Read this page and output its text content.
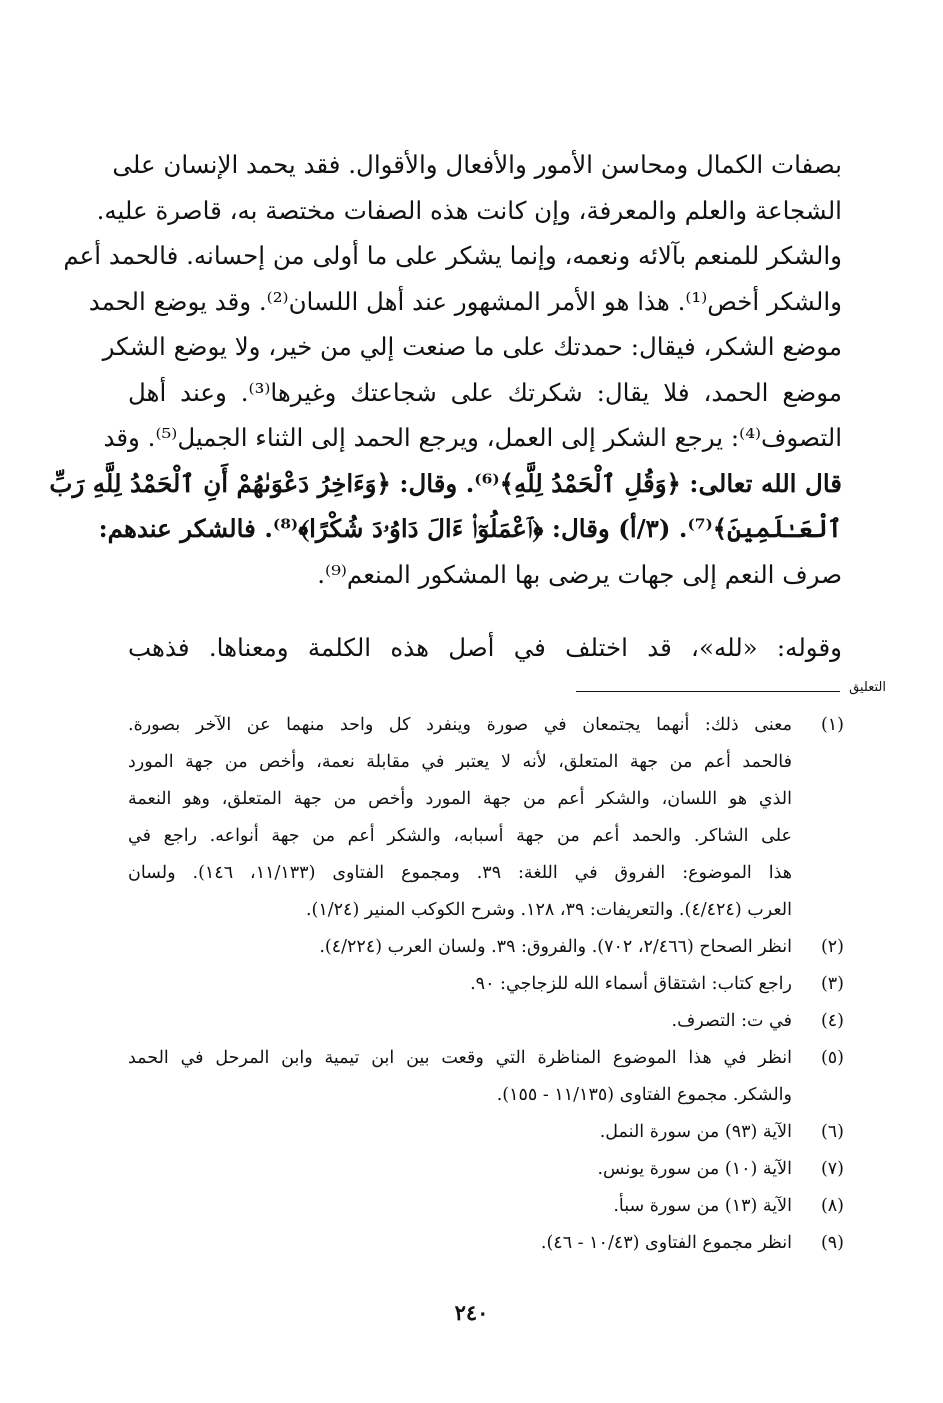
بصفات الكمال ومحاسن الأمور والأفعال والأقوال. فقد يحمد الإنسان على
الشجاعة والعلم والمعرفة، وإن كانت هذه الصفات مختصة به، قاصرة عليه.
والشكر للمنعم بآلائه ونعمه، وإنما يشكر على ما أولى من إحسانه. فالحمد أعم
والشكر أخص⁽¹⁾. هذا هو الأمر المشهور عند أهل اللسان⁽²⁾. وقد يوضع الحمد
موضع الشكر، فيقال: حمدتك على ما صنعت إلي من خير، ولا يوضع الشكر
موضع الحمد، فلا يقال: شكرتك على شجاعتك وغيرها⁽³⁾. وعند أهل
التصوف⁽⁴⁾: يرجع الشكر إلى العمل، ويرجع الحمد إلى الثناء الجميل⁽⁵⁾. وقد
قال الله تعالى: ﴿وَقُلِ ٱلْحَمْدُ لِلَّهِ﴾⁽⁶⁾. وقال: ﴿وَءَاخِرُ دَعْوَىٰهُمْ أَنِ ٱلْحَمْدُ لِلَّهِ رَبِّ
ٱلْعَـٰلَمِينَ﴾⁽⁷⁾. (٣/أ) وقال: ﴿ٱعْمَلُوٓا۟ ءَالَ دَاوُۥدَ شُكْرًا﴾⁽⁸⁾. فالشكر عندهم:
صرف النعم إلى جهات يرضى بها المشكور المنعم⁽⁹⁾.
وقوله: «لله»، قد اختلف في أصل هذه الكلمة ومعناها. فذهب
التعليق
(١)
معنى ذلك: أنهما يجتمعان في صورة وينفرد كل واحد منهما عن الآخر بصورة.
فالحمد أعم من جهة المتعلق، لأنه لا يعتبر في مقابلة نعمة، وأخص من جهة المورد
الذي هو اللسان، والشكر أعم من جهة المورد وأخص من جهة المتعلق، وهو النعمة
على الشاكر. والحمد أعم من جهة أسبابه، والشكر أعم من جهة أنواعه. راجع في
هذا الموضوع: الفروق في اللغة: ٣٩. ومجموع الفتاوى (١١/١٣٣، ١٤٦). ولسان
العرب (٤/٤٢٤). والتعريفات: ٣٩، ١٢٨. وشرح الكوكب المنير (١/٢٤).
(٢)
انظر الصحاح (٢/٤٦٦، ٧٠٢). والفروق: ٣٩. ولسان العرب (٤/٢٢٤).
(٣)
راجع كتاب: اشتقاق أسماء الله للزجاجي: ٩٠.
(٤)
في ت: التصرف.
(٥)
انظر في هذا الموضوع المناظرة التي وقعت بين ابن تيمية وابن المرحل في الحمد
والشكر. مجموع الفتاوى (١١/١٣٥ - ١٥٥).
(٦)
الآية (٩٣) من سورة النمل.
(٧)
الآية (١٠) من سورة يونس.
(٨)
الآية (١٣) من سورة سبأ.
(٩)
انظر مجموع الفتاوى (١٠/٤٣ - ٤٦).
٢٤٠
